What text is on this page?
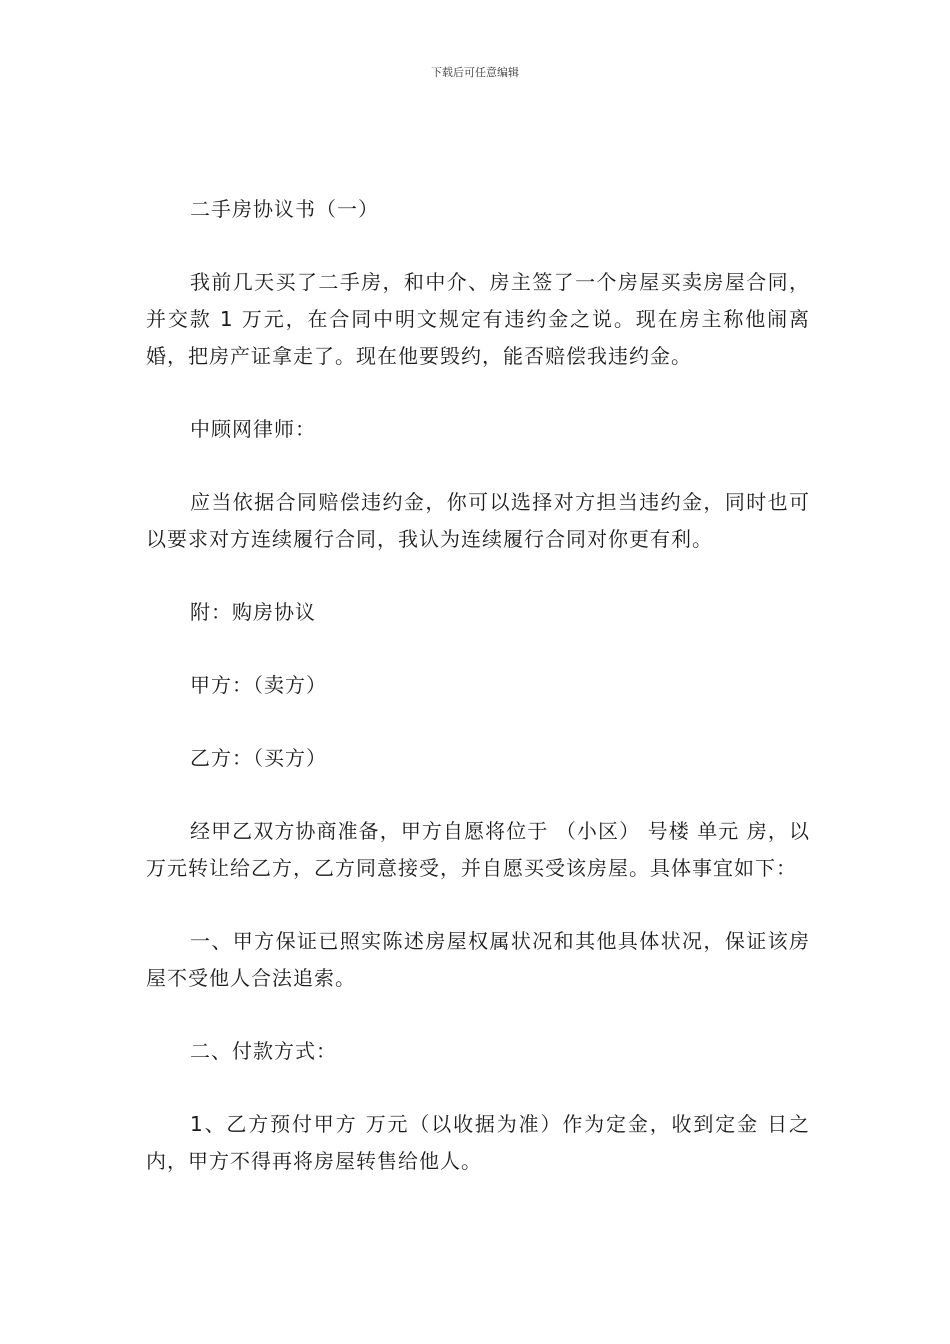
下载后可任意编辑

二手房协议书（一）

我前几天买了二手房，和中介、房主签了一个房屋买卖房屋合同，并交款 1 万元，在合同中明文规定有违约金之说。现在房主称他闹离婚，把房产证拿走了。现在他要毁约，能否赔偿我违约金。

中顾网律师：

应当依据合同赔偿违约金，你可以选择对方担当违约金，同时也可以要求对方连续履行合同，我认为连续履行合同对你更有利。

附：购房协议

甲方：（卖方）

乙方：（买方）

经甲乙双方协商准备，甲方自愿将位于 （小区） 号楼 单元 房，以 万元转让给乙方，乙方同意接受，并自愿买受该房屋。具体事宜如下：

一、甲方保证已照实陈述房屋权属状况和其他具体状况，保证该房屋不受他人合法追索。

二、付款方式：

1、乙方预付甲方 万元（以收据为准）作为定金，收到定金 日之内，甲方不得再将房屋转售给他人。
